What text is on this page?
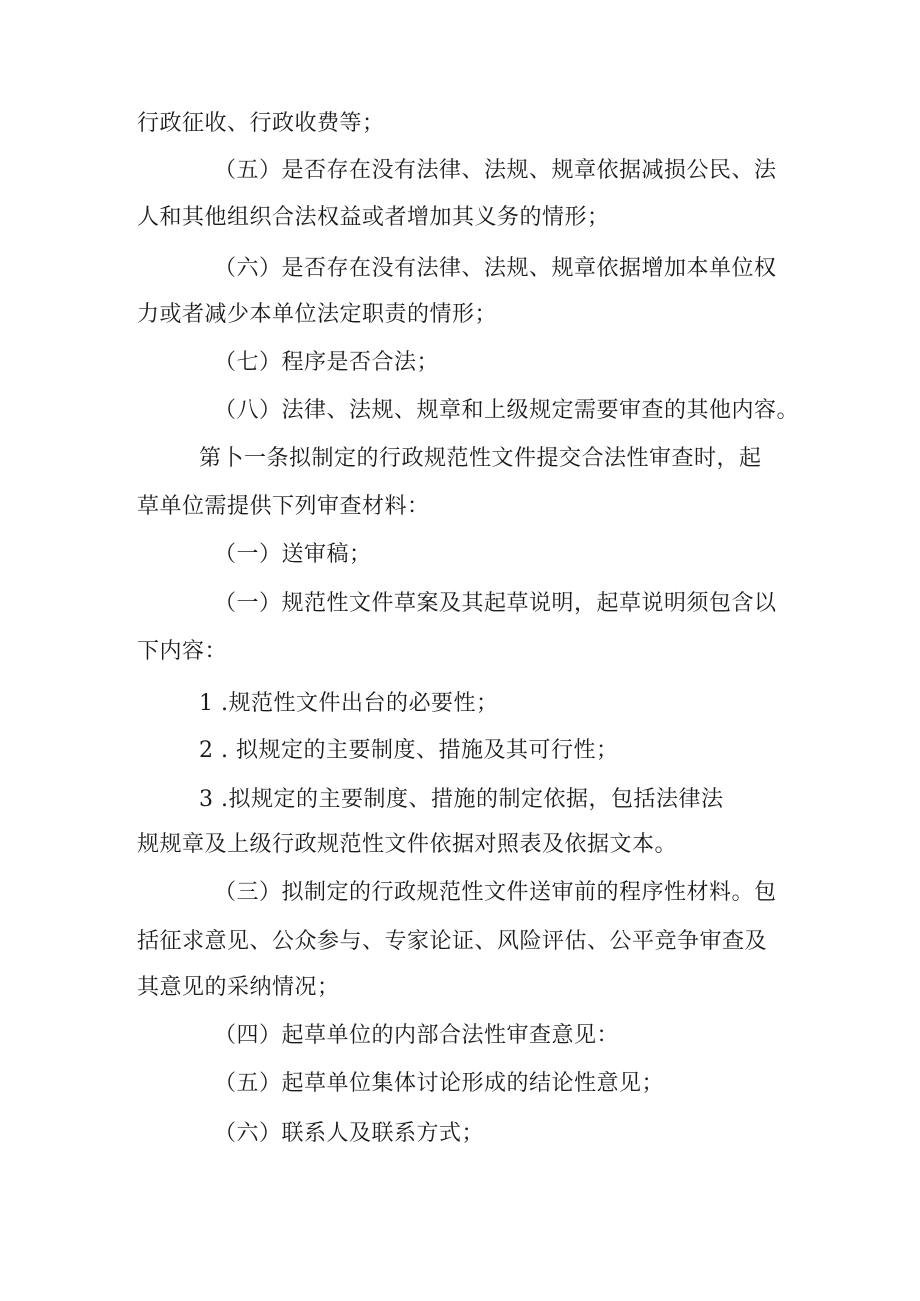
行政征收、行政收费等；
（五）是否存在没有法律、法规、规章依据减损公民、法
人和其他组织合法权益或者增加其义务的情形；
（六）是否存在没有法律、法规、规章依据增加本单位权
力或者减少本单位法定职责的情形；
（七）程序是否合法；
（八）法律、法规、规章和上级规定需要审查的其他内容。
第卜一条拟制定的行政规范性文件提交合法性审查时，起
草单位需提供下列审查材料：
（一）送审稿；
（一）规范性文件草案及其起草说明，起草说明须包含以
下内容：
1 .规范性文件出台的必要性；
2 . 拟规定的主要制度、措施及其可行性；
3 .拟规定的主要制度、措施的制定依据，包括法律法
规规章及上级行政规范性文件依据对照表及依据文本。
（三）拟制定的行政规范性文件送审前的程序性材料。包
括征求意见、公众参与、专家论证、风险评估、公平竞争审查及
其意见的采纳情况；
（四）起草单位的内部合法性审查意见：
（五）起草单位集体讨论形成的结论性意见；
（六）联系人及联系方式；
